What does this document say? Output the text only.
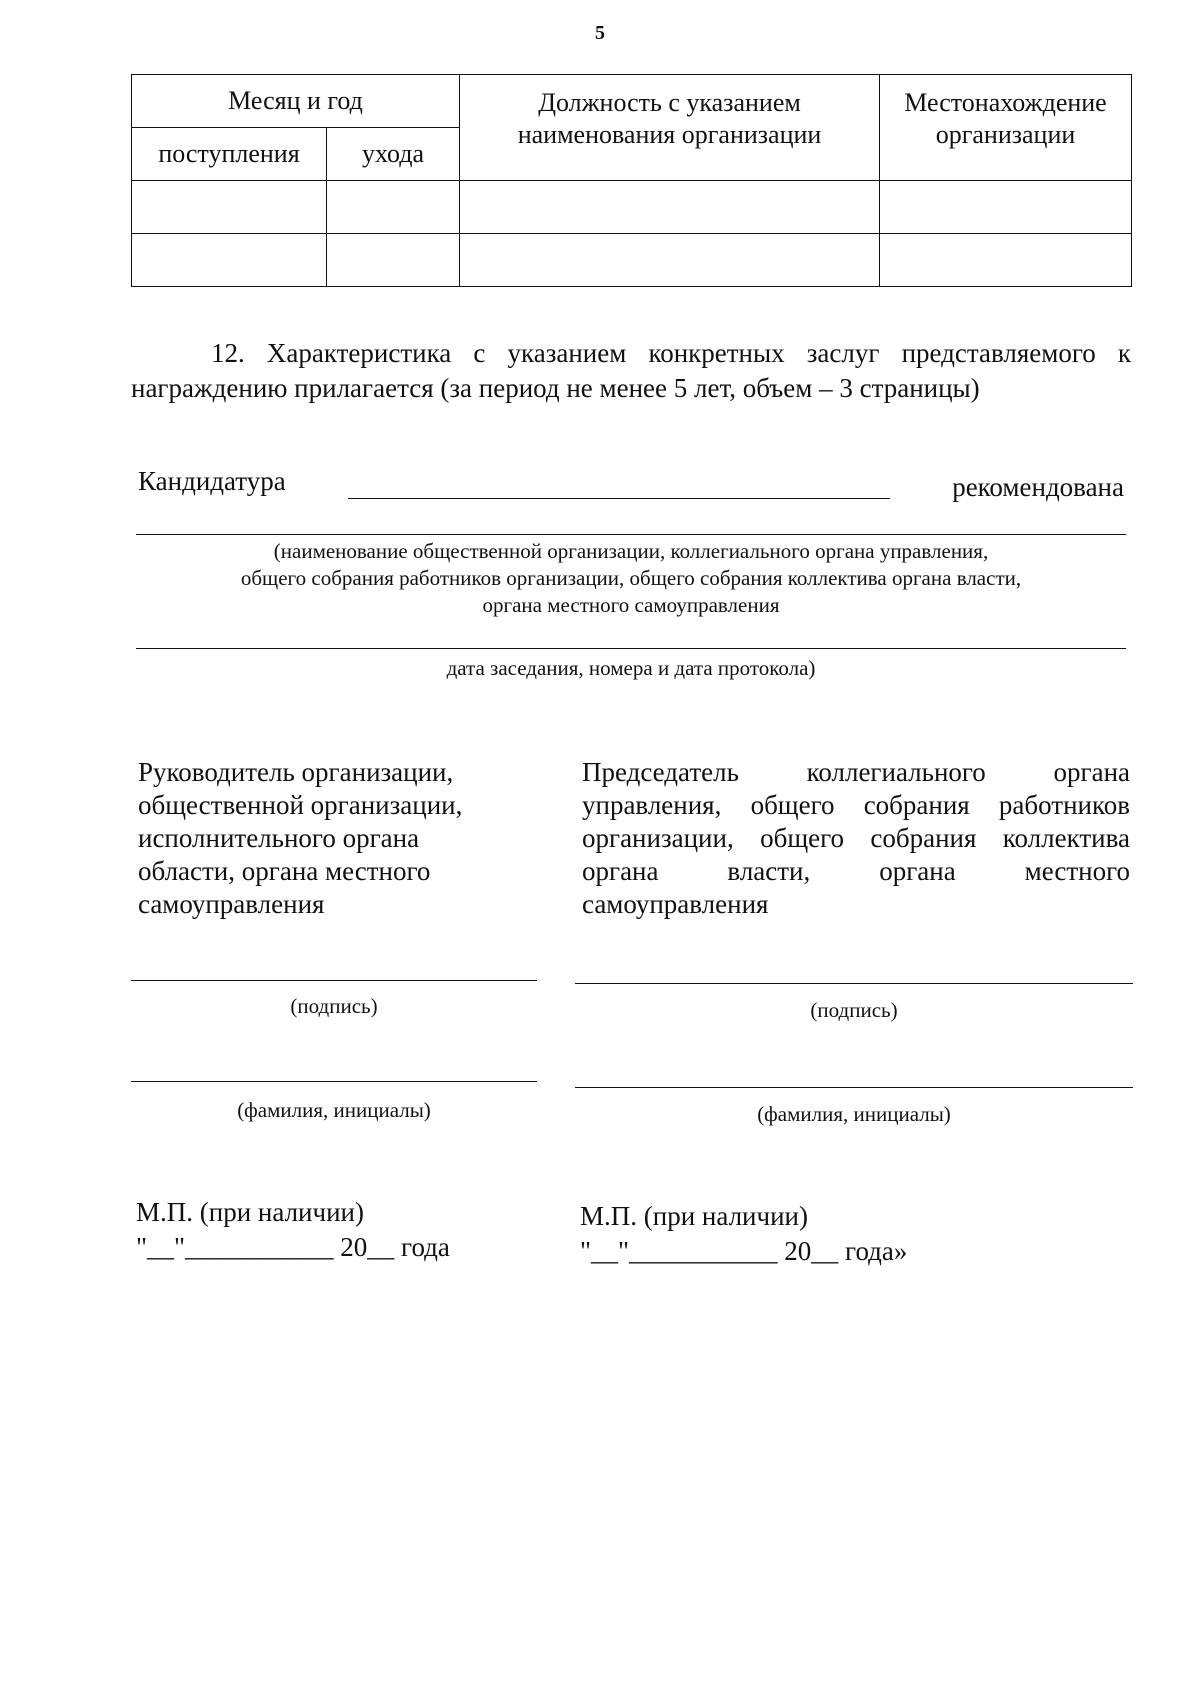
5
Месяц и год		Должность с указанием наименования организации	Местонахождение организации
поступления	ухода		

12. Характеристика с указанием конкретных заслуг представляемого к награждению прилагается (за период не менее 5 лет, объем – 3 страницы)

Кандидатура	рекомендована
(наименование общественной организации, коллегиального органа управления,
общего собрания работников организации, общего собрания коллектива органа власти,
органа местного самоуправления
дата заседания, номера и дата протокола)

Руководитель организации, общественной организации, исполнительного органа области, органа местного самоуправления

Председатель коллегиального органа управления, общего собрания работников организации, общего собрания коллектива органа власти, органа местного самоуправления

(подпись)	(подпись)
(фамилия, инициалы)	(фамилия, инициалы)
М.П. (при наличии)
"__"___________ 20__ года
М.П. (при наличии)
"__"___________ 20__ года»
